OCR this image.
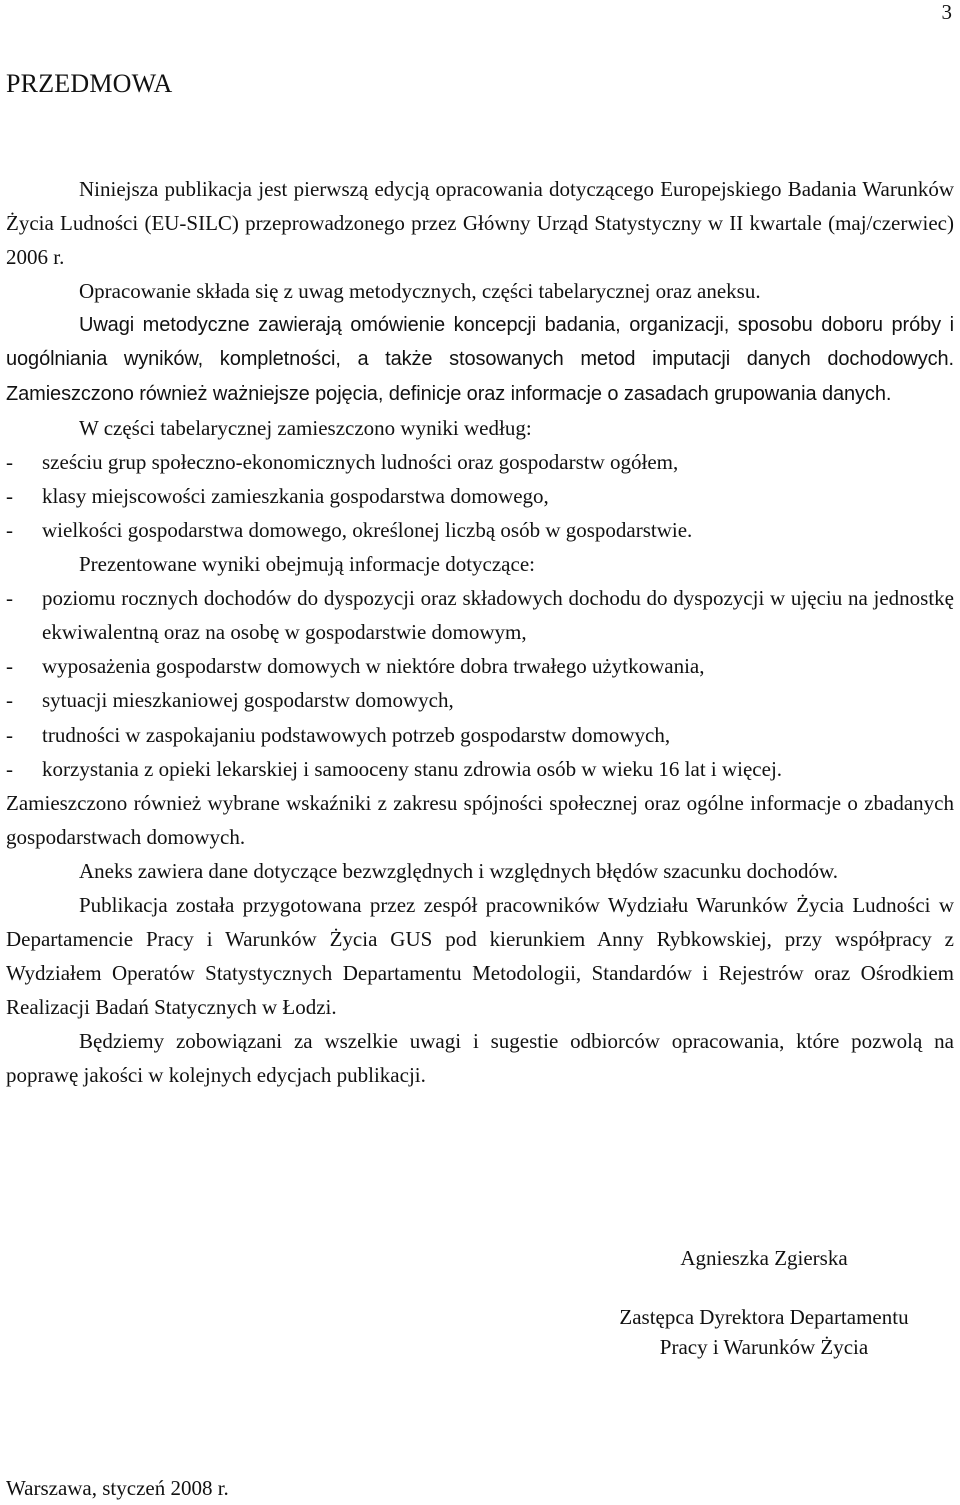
3
PRZEDMOWA

Niniejsza publikacja jest pierwszą edycją opracowania dotyczącego Europejskiego Badania Warunków Życia Ludności (EU-SILC) przeprowadzonego przez Główny Urząd Statystyczny w II kwartale (maj/czerwiec) 2006 r.

Opracowanie składa się z uwag metodycznych, części tabelarycznej oraz aneksu.

Uwagi metodyczne zawierają omówienie koncepcji badania, organizacji, sposobu doboru próby i uogólniania wyników, kompletności, a także stosowanych metod imputacji danych dochodowych. Zamieszczono również ważniejsze pojęcia, definicje oraz informacje o zasadach grupowania danych.

W części tabelarycznej zamieszczono wyniki według:

- sześciu grup społeczno-ekonomicznych ludności oraz gospodarstw ogółem,
- klasy miejscowości zamieszkania gospodarstwa domowego,
- wielkości gospodarstwa domowego, określonej liczbą osób w gospodarstwie.

Prezentowane wyniki obejmują informacje dotyczące:

- poziomu rocznych dochodów do dyspozycji oraz składowych dochodu do dyspozycji w ujęciu na jednostkę ekwiwalentną oraz na osobę w gospodarstwie domowym,
- wyposażenia gospodarstw domowych w niektóre dobra trwałego użytkowania,
- sytuacji mieszkaniowej gospodarstw domowych,
- trudności w zaspokajaniu podstawowych potrzeb gospodarstw domowych,
- korzystania z opieki lekarskiej i samooceny stanu zdrowia osób w wieku 16 lat i więcej.

Zamieszczono również wybrane wskaźniki z zakresu spójności społecznej oraz ogólne informacje o zbadanych gospodarstwach domowych.

Aneks zawiera dane dotyczące bezwzględnych i względnych błędów szacunku dochodów.

Publikacja została przygotowana przez zespół pracowników Wydziału Warunków Życia Ludności w Departamencie Pracy i Warunków Życia GUS pod kierunkiem Anny Rybkowskiej, przy współpracy z Wydziałem Operatów Statystycznych Departamentu Metodologii, Standardów i Rejestrów oraz Ośrodkiem Realizacji Badań Statycznych w Łodzi.

Będziemy zobowiązani za wszelkie uwagi i sugestie odbiorców opracowania, które pozwolą na poprawę jakości w kolejnych edycjach publikacji.

Agnieszka Zgierska
Zastępca Dyrektora Departamentu
Pracy i Warunków Życia
Warszawa, styczeń 2008 r.
